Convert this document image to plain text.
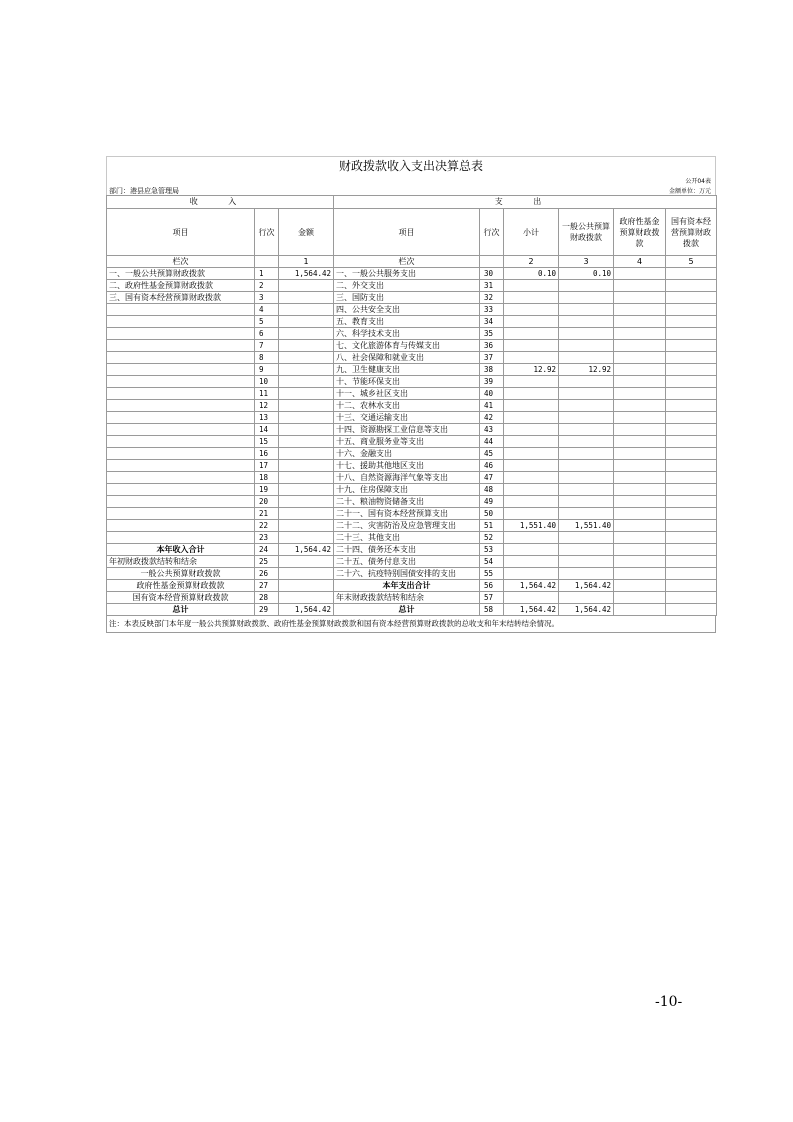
财政拨款收入支出决算总表
公开04表
部门：港县应急管理局	金额单位：万元
收 入			支 出					
项目	行次	金额	项目	行次	小计	一般公共预算财政拨款	政府性基金预算财政拨款	国有资本经营预算财政拨款
栏次		1	栏次		2	3	4	5
一、一般公共预算财政拨款	1	1,564.42	一、一般公共服务支出	30	0.10	0.10		
二、政府性基金预算财政拨款	2		二、外交支出	31				
三、国有资本经营预算财政拨款	3		三、国防支出	32				
	4		四、公共安全支出	33				
	5		五、教育支出	34				
	6		六、科学技术支出	35				
	7		七、文化旅游体育与传媒支出	36				
	8		八、社会保障和就业支出	37				
	9		九、卫生健康支出	38	12.92	12.92		
	10		十、节能环保支出	39				
	11		十一、城乡社区支出	40				
	12		十二、农林水支出	41				
	13		十三、交通运输支出	42				
	14		十四、资源勘探工业信息等支出	43				
	15		十五、商业服务业等支出	44				
	16		十六、金融支出	45				
	17		十七、援助其他地区支出	46				
	18		十八、自然资源海洋气象等支出	47				
	19		十九、住房保障支出	48				
	20		二十、粮油物资储备支出	49				
	21		二十一、国有资本经营预算支出	50				
	22		二十二、灾害防治及应急管理支出	51	1,551.40	1,551.40		
	23		二十三、其他支出	52				
本年收入合计	24	1,564.42	二十四、债务还本支出	53				
年初财政拨款结转和结余	25		二十五、债务付息支出	54				
一般公共预算财政拨款	26		二十六、抗疫特别国债安排的支出	55				
政府性基金预算财政拨款	27		本年支出合计	56	1,564.42	1,564.42		
国有资本经营预算财政拨款	28		年末财政拨款结转和结余	57				
总计	29	1,564.42	总计	58	1,564.42	1,564.42		
注：本表反映部门本年度一般公共预算财政拨款、政府性基金预算财政拨款和国有资本经营预算财政拨款的总收支和年末结转结余情况。
-10-
